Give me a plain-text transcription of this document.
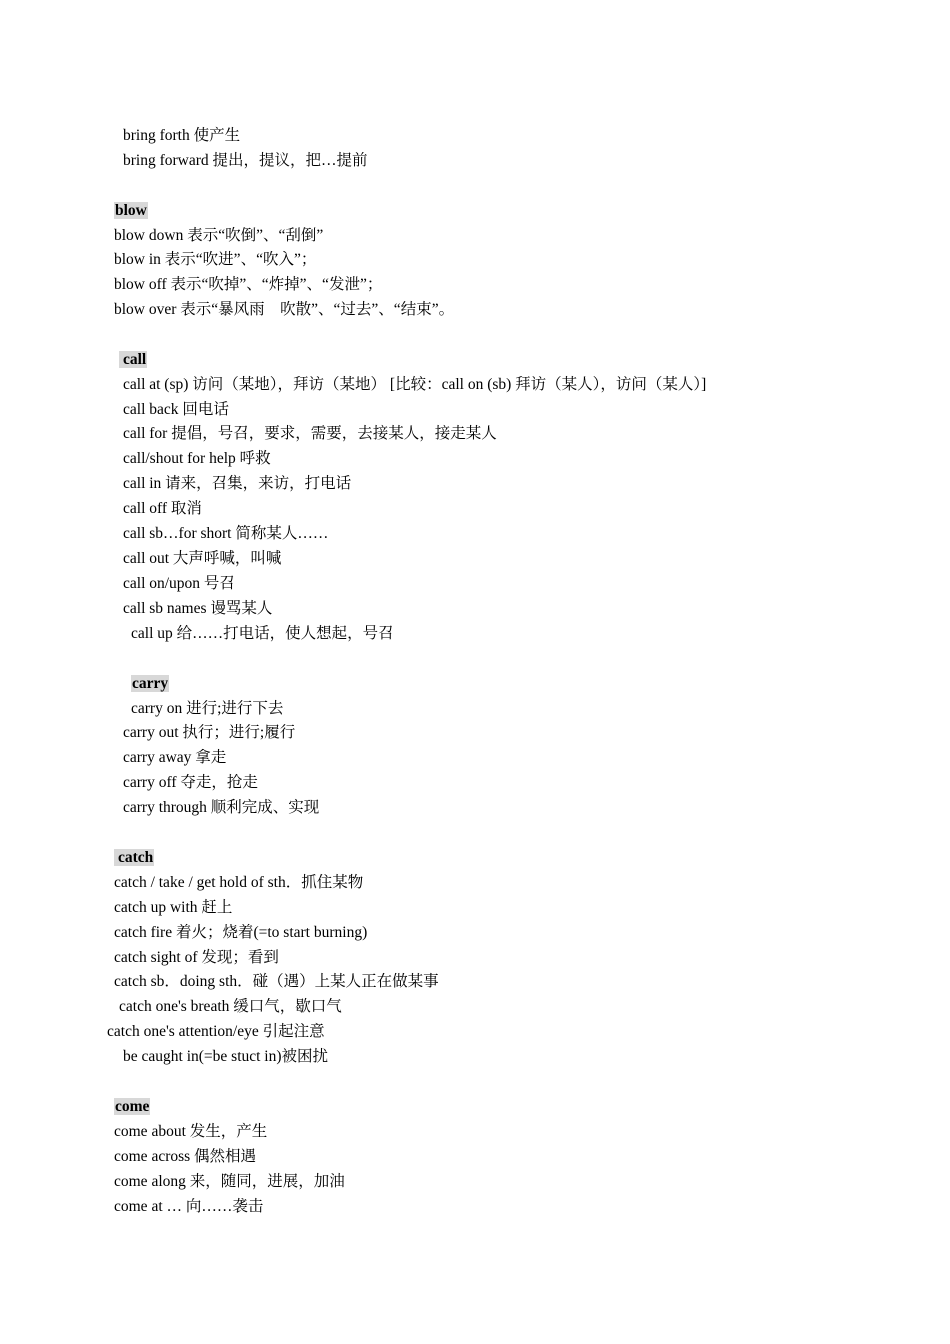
bring forth 使产生

bring forward 提出，提议，把…提前

blow

blow down 表示“吹倒”、“刮倒”

blow in 表示“吹进”、“吹入”；

blow off 表示“吹掉”、“炸掉”、“发泄”；

blow over 表示“暴风雨　吹散”、“过去”、“结束”。

call

call at (sp) 访问（某地），拜访（某地） [比较：call on (sb) 拜访（某人），访问（某人）]

call back 回电话

call for 提倡，号召，要求，需要，去接某人，接走某人

call/shout for help 呼救

call in 请来，召集，来访，打电话

call off 取消

call sb…for short 简称某人……

call out 大声呼喊，叫喊

call on/upon 号召

call sb names 谩骂某人

call up 给……打电话，使人想起，号召

carry

carry on 进行;进行下去

carry out 执行；进行;履行

carry away 拿走

carry off 夺走，抢走

carry through 顺利完成、实现

catch

catch / take / get hold of sth．抓住某物

catch up with 赶上

catch fire 着火；烧着(=to start burning)

catch sight of 发现；看到

catch sb．doing sth．碰（遇）上某人正在做某事

catch one's breath 缓口气，歇口气

catch one's attention/eye 引起注意

be caught in(=be stuct in)被困扰

come

come about 发生，产生

come across 偶然相遇

come along 来，随同，进展，加油

come at … 向……袭击
